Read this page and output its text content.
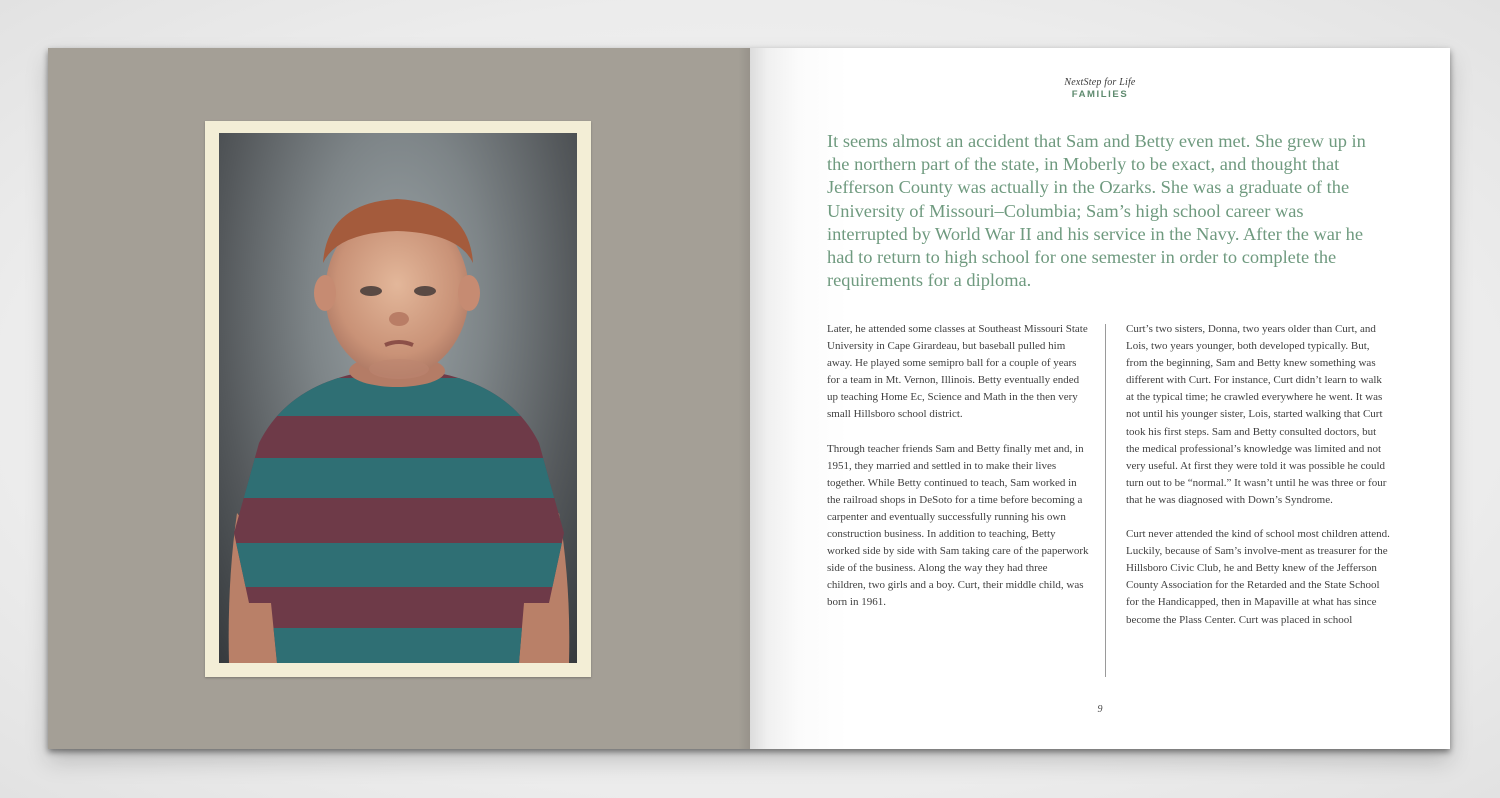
NextStep for Life
FAMILIES

It seems almost an accident that Sam and Betty even met. She grew up in the northern part of the state, in Moberly to be exact, and thought that Jefferson County was actually in the Ozarks. She was a graduate of the University of Missouri–Columbia; Sam’s high school career was interrupted by World War II and his service in the Navy. After the war he had to return to high school for one semester in order to complete the requirements for a diploma.

Later, he attended some classes at Southeast Missouri State University in Cape Girardeau, but baseball pulled him away. He played some semipro ball for a couple of years for a team in Mt. Vernon, Illinois. Betty eventually ended up teaching Home Ec, Science and Math in the then very small Hillsboro school district.

Through teacher friends Sam and Betty finally met and, in 1951, they married and settled in to make their lives together. While Betty continued to teach, Sam worked in the railroad shops in DeSoto for a time before becoming a carpenter and eventually successfully running his own construction business. In addition to teaching, Betty worked side by side with Sam taking care of the paperwork side of the business. Along the way they had three children, two girls and a boy. Curt, their middle child, was born in 1961.

Curt’s two sisters, Donna, two years older than Curt, and Lois, two years younger, both developed typically. But, from the beginning, Sam and Betty knew something was different with Curt. For instance, Curt didn’t learn to walk at the typical time; he crawled everywhere he went. It was not until his younger sister, Lois, started walking that Curt took his first steps. Sam and Betty consulted doctors, but the medical professional’s knowledge was limited and not very useful. At first they were told it was possible he could turn out to be “normal.” It wasn’t until he was three or four that he was diagnosed with Down’s Syndrome.

Curt never attended the kind of school most children attend. Luckily, because of Sam’s involve-ment as treasurer for the Hillsboro Civic Club, he and Betty knew of the Jefferson County Association for the Retarded and the State School for the Handicapped, then in Mapaville at what has since become the Plass Center. Curt was placed in school

9
